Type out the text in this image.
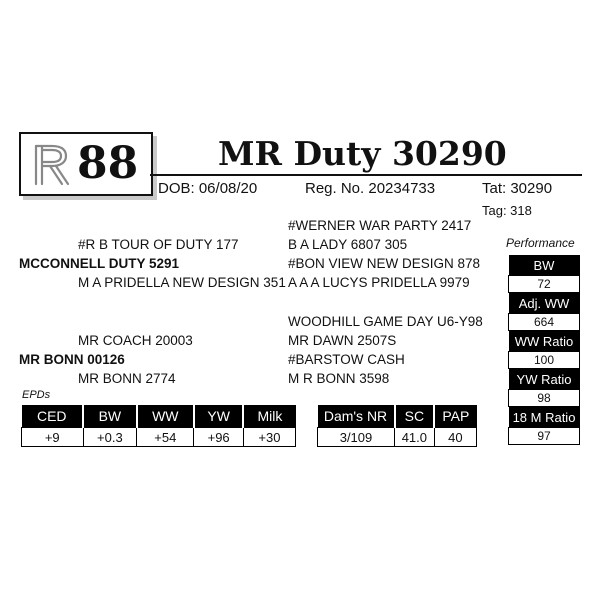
88 MR Duty 30290
DOB: 06/08/20	Reg. No. 20234733	Tat: 30290
Tag: 318
#WERNER WAR PARTY 2417
#R B TOUR OF DUTY 177	B A LADY 6807 305
MCCONNELL DUTY 5291	#BON VIEW NEW DESIGN 878
M A PRIDELLA NEW DESIGN 351 A A A LUCYS PRIDELLA 9979
WOODHILL GAME DAY U6-Y98
MR COACH 20003	MR DAWN 2507S
MR BONN 00126	#BARSTOW CASH
MR BONN 2774	M R BONN 3598
Performance
BW
72
Adj. WW
664
WW Ratio
100
YW Ratio
98
18 M Ratio
97
EPDs
CED	BW	WW	YW	Milk
+9	+0.3	+54	+96	+30
Dam's NR	SC	PAP
3/109	41.0	40
